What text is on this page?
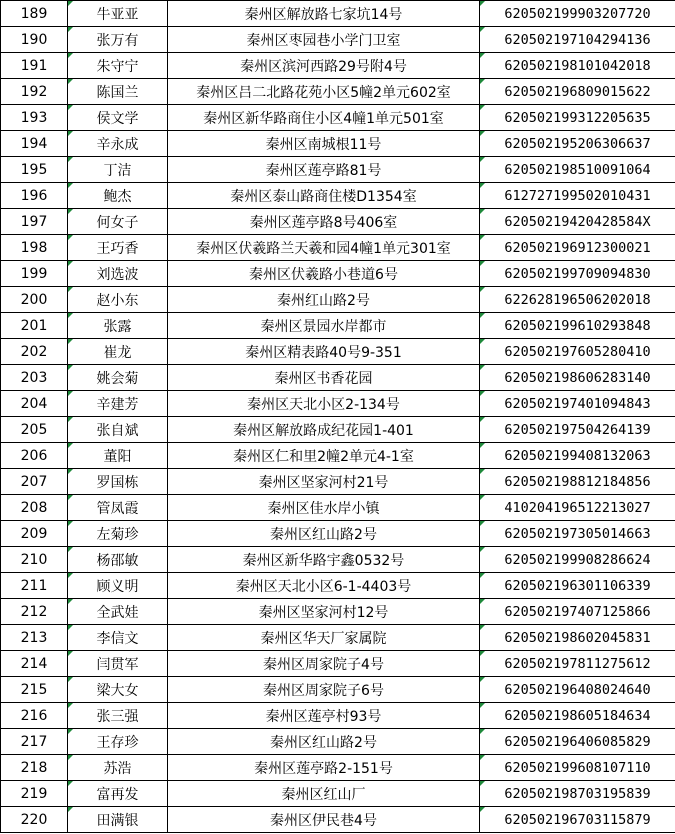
189	牛亚亚	秦州区解放路七家坑14号	620502199903207720
190	张万有	秦州区枣园巷小学门卫室	620502197104294136
191	朱守宁	秦州区滨河西路29号附4号	620502198101042018
192	陈国兰	秦州区吕二北路花苑小区5幢2单元602室	620502196809015622
193	侯文学	秦州区新华路商住小区4幢1单元501室	620502199312205635
194	辛永成	秦州区南城根11号	620502195206306637
195	丁洁	秦州区莲亭路81号	620502198510091064
196	鲍杰	秦州区泰山路商住楼D1354室	612727199502010431
197	何女子	秦州区莲亭路8号406室	62050219420428584X
198	王巧香	秦州区伏羲路兰天羲和园4幢1单元301室	620502196912300021
199	刘选波	秦州区伏羲路小巷道6号	620502199709094830
200	赵小东	秦州红山路2号	622628196506202018
201	张露	秦州区景园水岸都市	620502199610293848
202	崔龙	秦州区精表路40号9-351	620502197605280410
203	姚会菊	秦州区书香花园	620502198606283140
204	辛建芳	秦州区天北小区2-134号	620502197401094843
205	张自斌	秦州区解放路成纪花园1-401	620502197504264139
206	董阳	秦州区仁和里2幢2单元4-1室	620502199408132063
207	罗国栋	秦州区坚家河村21号	620502198812184856
208	管凤霞	秦州区佳水岸小镇	410204196512213027
209	左菊珍	秦州区红山路2号	620502197305014663
210	杨邵敏	秦州区新华路宇鑫0532号	620502199908286624
211	顾义明	秦州区天北小区6-1-4403号	620502196301106339
212	全武娃	秦州区坚家河村12号	620502197407125866
213	李信文	秦州区华天厂家属院	620502198602045831
214	闫贯军	秦州区周家院子4号	620502197811275612
215	梁大女	秦州区周家院子6号	620502196408024640
216	张三强	秦州区莲亭村93号	620502198605184634
217	王存珍	秦州区红山路2号	620502196406085829
218	苏浩	秦州区莲亭路2-151号	620502199608107110
219	富再发	秦州区红山厂	620502198703195839
220	田满银	秦州区伊民巷4号	620502196703115879
